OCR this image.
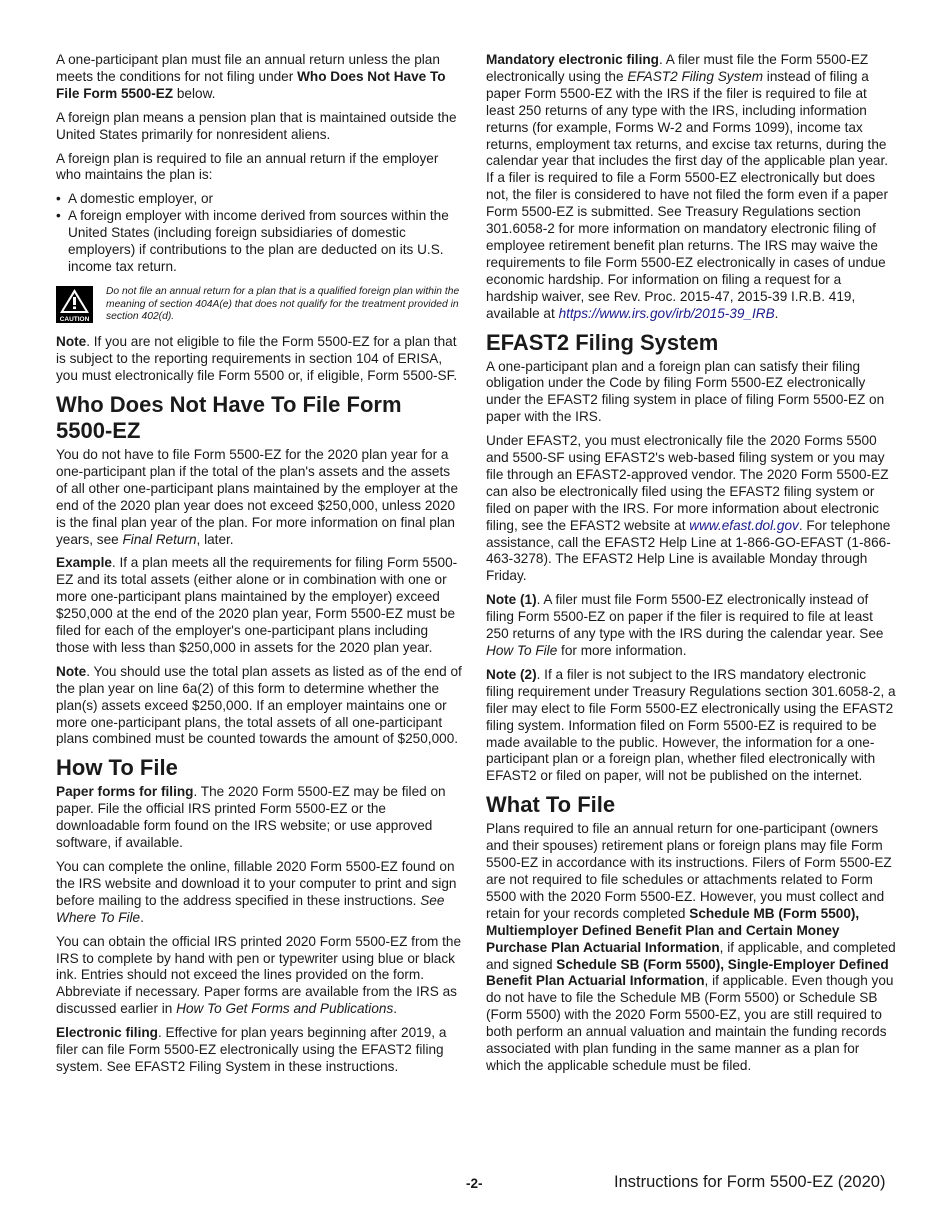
A one-participant plan must file an annual return unless the plan meets the conditions for not filing under Who Does Not Have To File Form 5500-EZ below.

A foreign plan means a pension plan that is maintained outside the United States primarily for nonresident aliens.

A foreign plan is required to file an annual return if the employer who maintains the plan is:

• A domestic employer, or
• A foreign employer with income derived from sources within the United States (including foreign subsidiaries of domestic employers) if contributions to the plan are deducted on its U.S. income tax return.
CAUTION

Do not file an annual return for a plan that is a qualified foreign plan within the meaning of section 404A(e) that does not qualify for the treatment provided in section 402(d).

Note. If you are not eligible to file the Form 5500-EZ for a plan that is subject to the reporting requirements in section 104 of ERISA, you must electronically file Form 5500 or, if eligible, Form 5500-SF.

Who Does Not Have To File Form 5500-EZ

You do not have to file Form 5500-EZ for the 2020 plan year for a one-participant plan if the total of the plan's assets and the assets of all other one-participant plans maintained by the employer at the end of the 2020 plan year does not exceed $250,000, unless 2020 is the final plan year of the plan. For more information on final plan years, see Final Return, later.

Example. If a plan meets all the requirements for filing Form 5500-EZ and its total assets (either alone or in combination with one or more one-participant plans maintained by the employer) exceed $250,000 at the end of the 2020 plan year, Form 5500-EZ must be filed for each of the employer's one-participant plans including those with less than $250,000 in assets for the 2020 plan year.

Note. You should use the total plan assets as listed as of the end of the plan year on line 6a(2) of this form to determine whether the plan(s) assets exceed $250,000. If an employer maintains one or more one-participant plans, the total assets of all one-participant plans combined must be counted towards the amount of $250,000.

How To File

Paper forms for filing. The 2020 Form 5500-EZ may be filed on paper. File the official IRS printed Form 5500-EZ or the downloadable form found on the IRS website; or use approved software, if available.

You can complete the online, fillable 2020 Form 5500-EZ found on the IRS website and download it to your computer to print and sign before mailing to the address specified in these instructions. See Where To File.

You can obtain the official IRS printed 2020 Form 5500-EZ from the IRS to complete by hand with pen or typewriter using blue or black ink. Entries should not exceed the lines provided on the form. Abbreviate if necessary. Paper forms are available from the IRS as discussed earlier in How To Get Forms and Publications.

Electronic filing. Effective for plan years beginning after 2019, a filer can file Form 5500-EZ electronically using the EFAST2 filing system. See EFAST2 Filing System in these instructions.

Mandatory electronic filing. A filer must file the Form 5500-EZ electronically using the EFAST2 Filing System instead of filing a paper Form 5500-EZ with the IRS if the filer is required to file at least 250 returns of any type with the IRS, including information returns (for example, Forms W-2 and Forms 1099), income tax returns, employment tax returns, and excise tax returns, during the calendar year that includes the first day of the applicable plan year. If a filer is required to file a Form 5500-EZ electronically but does not, the filer is considered to have not filed the form even if a paper Form 5500-EZ is submitted. See Treasury Regulations section 301.6058-2 for more information on mandatory electronic filing of employee retirement benefit plan returns. The IRS may waive the requirements to file Form 5500-EZ electronically in cases of undue economic hardship. For information on filing a request for a hardship waiver, see Rev. Proc. 2015-47, 2015-39 I.R.B. 419, available at https://www.irs.gov/irb/2015-39_IRB.

EFAST2 Filing System

A one-participant plan and a foreign plan can satisfy their filing obligation under the Code by filing Form 5500-EZ electronically under the EFAST2 filing system in place of filing Form 5500-EZ on paper with the IRS.

Under EFAST2, you must electronically file the 2020 Forms 5500 and 5500-SF using EFAST2's web-based filing system or you may file through an EFAST2-approved vendor. The 2020 Form 5500-EZ can also be electronically filed using the EFAST2 filing system or filed on paper with the IRS. For more information about electronic filing, see the EFAST2 website at www.efast.dol.gov. For telephone assistance, call the EFAST2 Help Line at 1-866-GO-EFAST (1-866-463-3278). The EFAST2 Help Line is available Monday through Friday.

Note (1). A filer must file Form 5500-EZ electronically instead of filing Form 5500-EZ on paper if the filer is required to file at least 250 returns of any type with the IRS during the calendar year. See How To File for more information.

Note (2). If a filer is not subject to the IRS mandatory electronic filing requirement under Treasury Regulations section 301.6058-2, a filer may elect to file Form 5500-EZ electronically using the EFAST2 filing system. Information filed on Form 5500-EZ is required to be made available to the public. However, the information for a one-participant plan or a foreign plan, whether filed electronically with EFAST2 or filed on paper, will not be published on the internet.

What To File

Plans required to file an annual return for one-participant (owners and their spouses) retirement plans or foreign plans may file Form 5500-EZ in accordance with its instructions. Filers of Form 5500-EZ are not required to file schedules or attachments related to Form 5500 with the 2020 Form 5500-EZ. However, you must collect and retain for your records completed Schedule MB (Form 5500), Multiemployer Defined Benefit Plan and Certain Money Purchase Plan Actuarial Information, if applicable, and completed and signed Schedule SB (Form 5500), Single-Employer Defined Benefit Plan Actuarial Information, if applicable. Even though you do not have to file the Schedule MB (Form 5500) or Schedule SB (Form 5500) with the 2020 Form 5500-EZ, you are still required to both perform an annual valuation and maintain the funding records associated with plan funding in the same manner as a plan for which the applicable schedule must be filed.

-2-	Instructions for Form 5500-EZ (2020)
